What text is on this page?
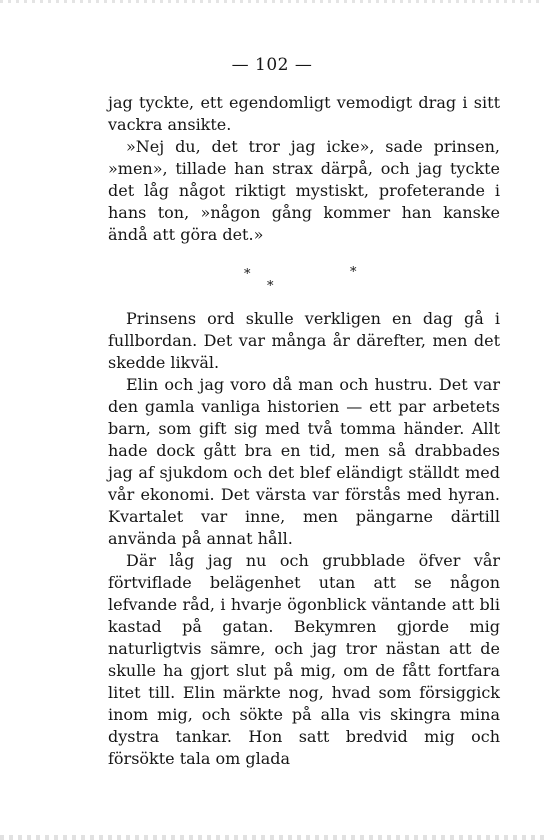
— 102 —

jag tyckte, ett egendomligt vemodigt drag i sitt vackra ansikte.

»Nej du, det tror jag icke», sade prinsen, »men», tillade han strax därpå, och jag tyckte det låg något riktigt mystiskt, profeterande i hans ton, »någon gång kommer han kanske ändå att göra det.»

*	*
*

Prinsens ord skulle verkligen en dag gå i fullbordan. Det var många år därefter, men det skedde likväl.

Elin och jag voro då man och hustru. Det var den gamla vanliga historien — ett par arbetets barn, som gift sig med två tomma händer. Allt hade dock gått bra en tid, men så drabbades jag af sjukdom och det blef eländigt ställdt med vår ekonomi. Det värsta var förstås med hyran. Kvartalet var inne, men pängarne därtill använda på annat håll.

Där låg jag nu och grubblade öfver vår förtviflade belägenhet utan att se någon lefvande råd, i hvarje ögonblick väntande att bli kastad på gatan. Bekymren gjorde mig naturligtvis sämre, och jag tror nästan att de skulle ha gjort slut på mig, om de fått fortfara litet till. Elin märkte nog, hvad som försiggick inom mig, och sökte på alla vis skingra mina dystra tankar. Hon satt bredvid mig och försökte tala om glada
